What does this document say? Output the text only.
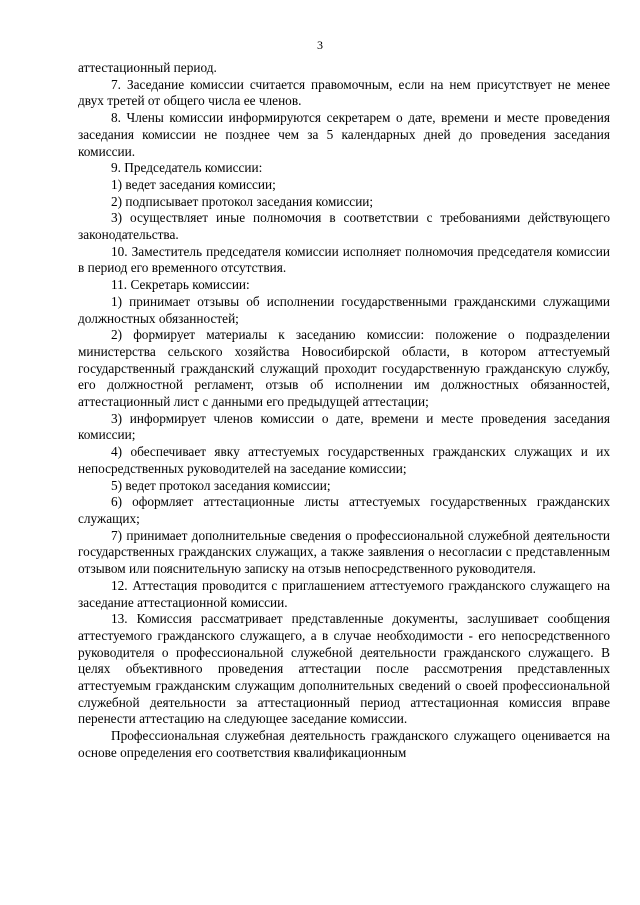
3

аттестационный период.

7. Заседание комиссии считается правомочным, если на нем присутствует не менее двух третей от общего числа ее членов.

8. Члены комиссии информируются секретарем о дате, времени и месте проведения заседания комиссии не позднее чем за 5 календарных дней до проведения заседания комиссии.

9. Председатель комиссии:

1) ведет заседания комиссии;

2) подписывает протокол заседания комиссии;

3) осуществляет иные полномочия в соответствии с требованиями действующего законодательства.

10. Заместитель председателя комиссии исполняет полномочия председателя комиссии в период его временного отсутствия.

11. Секретарь комиссии:

1) принимает отзывы об исполнении государственными гражданскими служащими должностных обязанностей;

2) формирует материалы к заседанию комиссии: положение о подразделении министерства сельского хозяйства Новосибирской области, в котором аттестуемый государственный гражданский служащий проходит государственную гражданскую службу, его должностной регламент, отзыв об исполнении им должностных обязанностей, аттестационный лист с данными его предыдущей аттестации;

3) информирует членов комиссии о дате, времени и месте проведения заседания комиссии;

4) обеспечивает явку аттестуемых государственных гражданских служащих и их непосредственных руководителей на заседание комиссии;

5) ведет протокол заседания комиссии;

6) оформляет аттестационные листы аттестуемых государственных гражданских служащих;

7) принимает дополнительные сведения о профессиональной служебной деятельности государственных гражданских служащих, а также заявления о несогласии с представленным отзывом или пояснительную записку на отзыв непосредственного руководителя.

12. Аттестация проводится с приглашением аттестуемого гражданского служащего на заседание аттестационной комиссии.

13. Комиссия рассматривает представленные документы, заслушивает сообщения аттестуемого гражданского служащего, а в случае необходимости - его непосредственного руководителя о профессиональной служебной деятельности гражданского служащего. В целях объективного проведения аттестации после рассмотрения представленных аттестуемым гражданским служащим дополнительных сведений о своей профессиональной служебной деятельности за аттестационный период аттестационная комиссия вправе перенести аттестацию на следующее заседание комиссии.

Профессиональная служебная деятельность гражданского служащего оценивается на основе определения его соответствия квалификационным
